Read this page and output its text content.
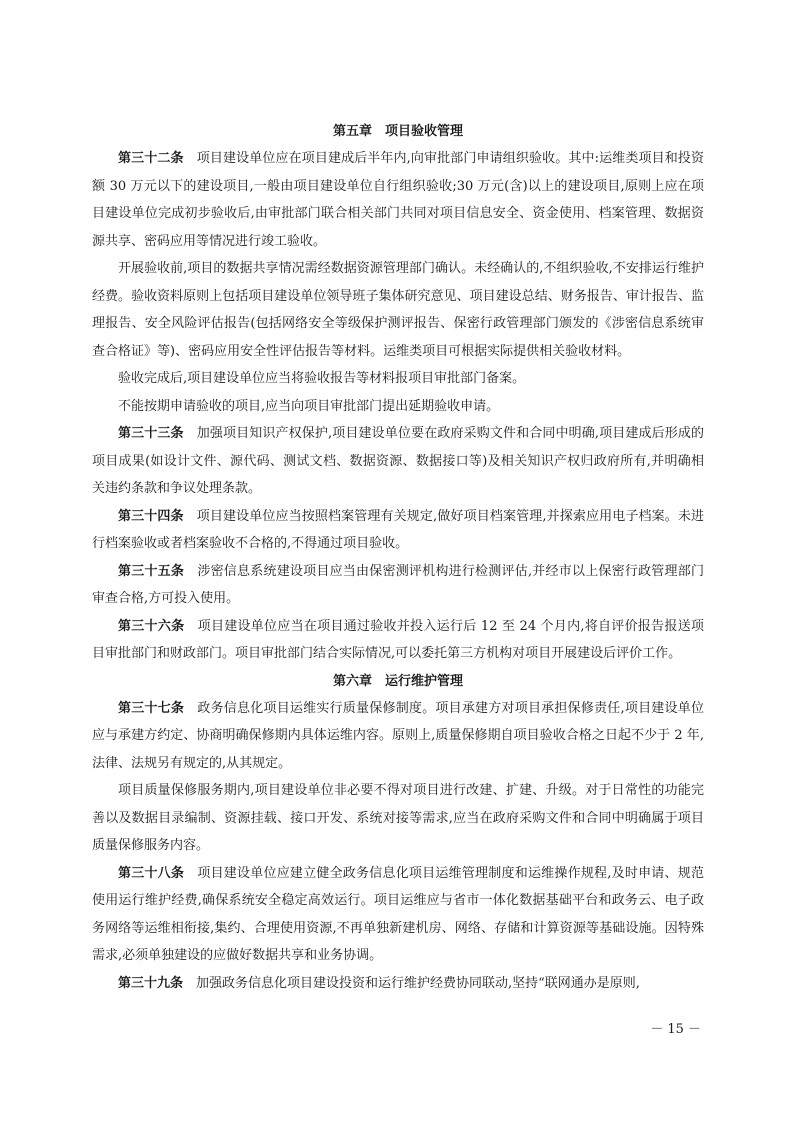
第五章　项目验收管理

第三十二条 项目建设单位应在项目建成后半年内,向审批部门申请组织验收。其中:运维类项目和投资额 30 万元以下的建设项目,一般由项目建设单位自行组织验收;30 万元(含)以上的建设项目,原则上应在项目建设单位完成初步验收后,由审批部门联合相关部门共同对项目信息安全、资金使用、档案管理、数据资源共享、密码应用等情况进行竣工验收。

开展验收前,项目的数据共享情况需经数据资源管理部门确认。未经确认的,不组织验收,不安排运行维护经费。验收资料原则上包括项目建设单位领导班子集体研究意见、项目建设总结、财务报告、审计报告、监理报告、安全风险评估报告(包括网络安全等级保护测评报告、保密行政管理部门颁发的《涉密信息系统审查合格证》等)、密码应用安全性评估报告等材料。运维类项目可根据实际提供相关验收材料。

验收完成后,项目建设单位应当将验收报告等材料报项目审批部门备案。

不能按期申请验收的项目,应当向项目审批部门提出延期验收申请。

第三十三条 加强项目知识产权保护,项目建设单位要在政府采购文件和合同中明确,项目建成后形成的项目成果(如设计文件、源代码、测试文档、数据资源、数据接口等)及相关知识产权归政府所有,并明确相关违约条款和争议处理条款。

第三十四条 项目建设单位应当按照档案管理有关规定,做好项目档案管理,并探索应用电子档案。未进行档案验收或者档案验收不合格的,不得通过项目验收。

第三十五条 涉密信息系统建设项目应当由保密测评机构进行检测评估,并经市以上保密行政管理部门审查合格,方可投入使用。

第三十六条 项目建设单位应当在项目通过验收并投入运行后 12 至 24 个月内,将自评价报告报送项目审批部门和财政部门。项目审批部门结合实际情况,可以委托第三方机构对项目开展建设后评价工作。

第六章　运行维护管理

第三十七条 政务信息化项目运维实行质量保修制度。项目承建方对项目承担保修责任,项目建设单位应与承建方约定、协商明确保修期内具体运维内容。原则上,质量保修期自项目验收合格之日起不少于 2 年,法律、法规另有规定的,从其规定。

项目质量保修服务期内,项目建设单位非必要不得对项目进行改建、扩建、升级。对于日常性的功能完善以及数据目录编制、资源挂载、接口开发、系统对接等需求,应当在政府采购文件和合同中明确属于项目质量保修服务内容。

第三十八条 项目建设单位应建立健全政务信息化项目运维管理制度和运维操作规程,及时申请、规范使用运行维护经费,确保系统安全稳定高效运行。项目运维应与省市一体化数据基础平台和政务云、电子政务网络等运维相衔接,集约、合理使用资源,不再单独新建机房、网络、存储和计算资源等基础设施。因特殊需求,必须单独建设的应做好数据共享和业务协调。

第三十九条 加强政务信息化项目建设投资和运行维护经费协同联动,坚持“联网通办是原则,

－ 15 －
